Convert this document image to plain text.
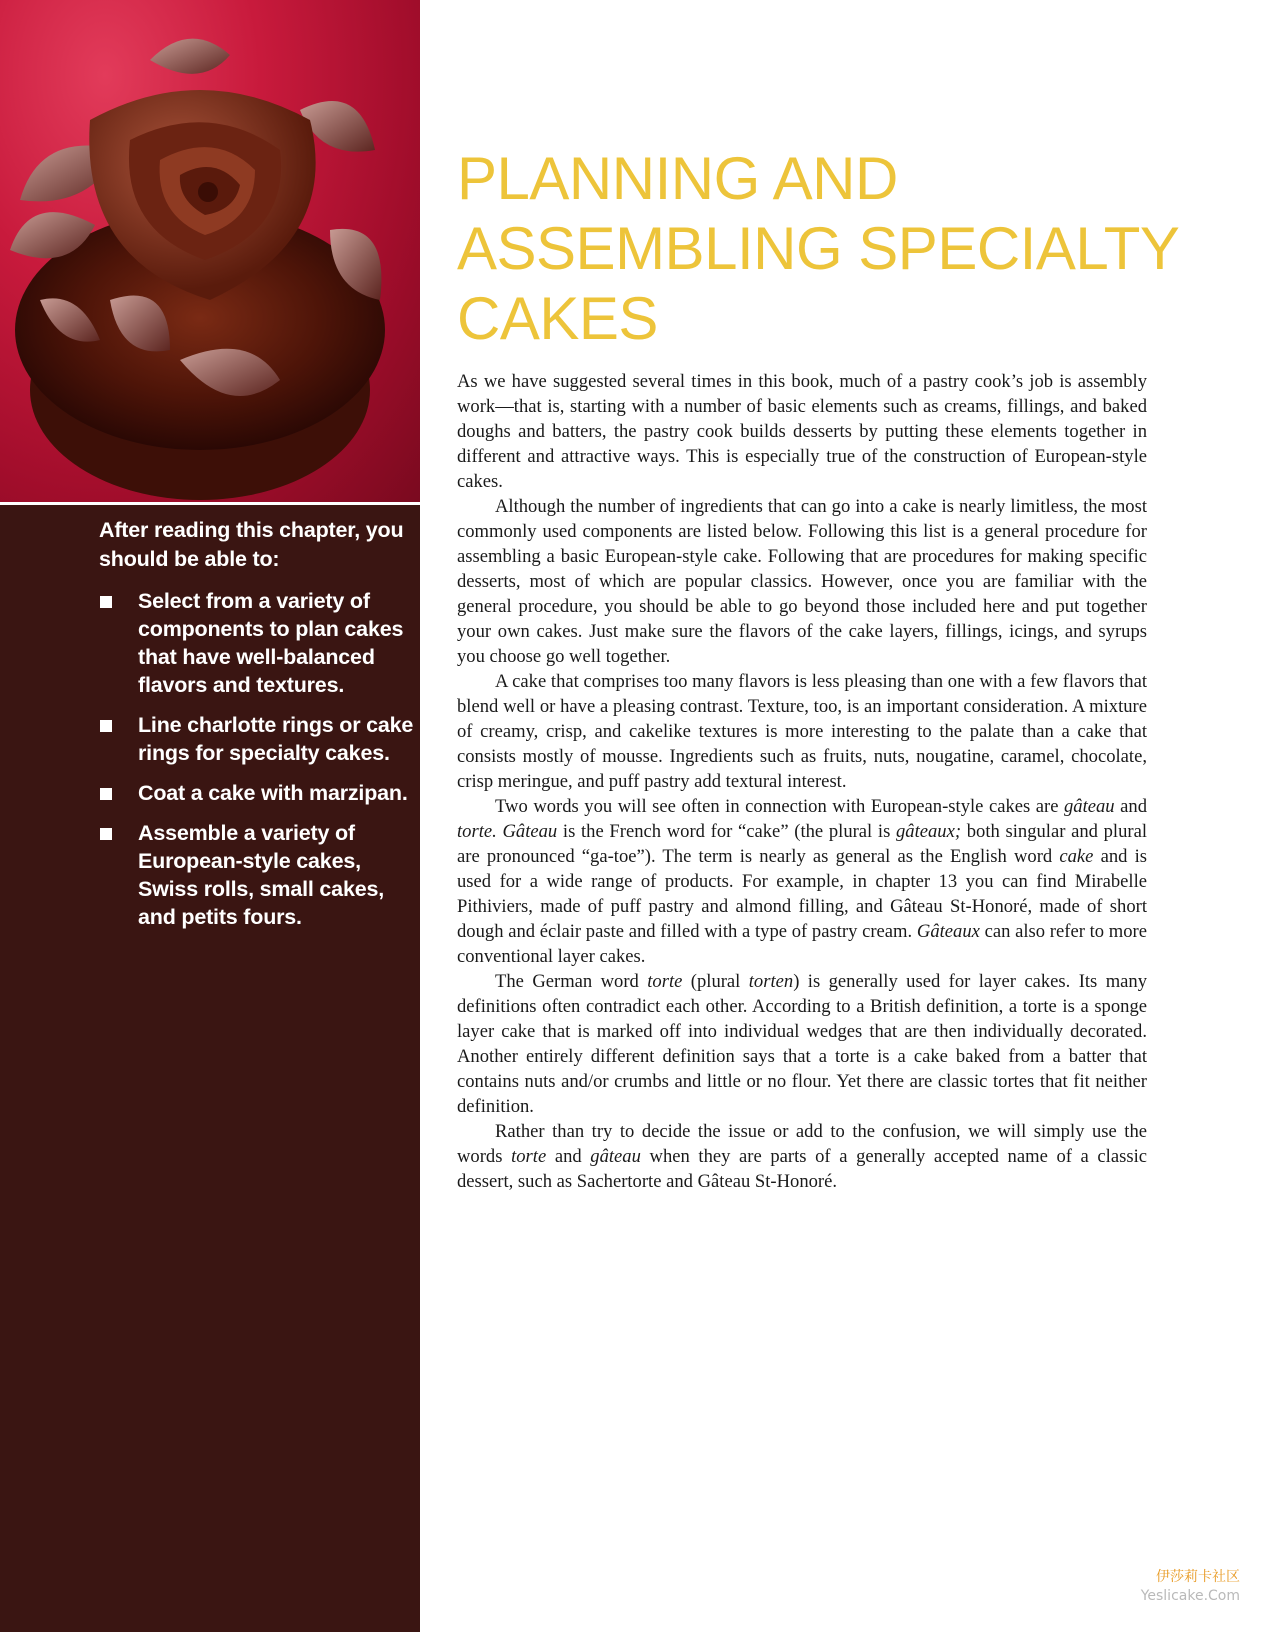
After reading this chapter, you should be able to:

Select from a variety of components to plan cakes that have well-balanced flavors and textures.
Line charlotte rings or cake rings for specialty cakes.
Coat a cake with marzipan.
Assemble a variety of European-style cakes, Swiss rolls, small cakes, and petits fours.
PLANNING AND
ASSEMBLING SPECIALTY
CAKES

As we have suggested several times in this book, much of a pastry cook’s job is assembly work—that is, starting with a number of basic elements such as creams, fillings, and baked doughs and batters, the pastry cook builds desserts by putting these elements together in different and attractive ways. This is especially true of the construction of European-style cakes.

Although the number of ingredients that can go into a cake is nearly limitless, the most commonly used components are listed below. Following this list is a general procedure for assembling a basic European-style cake. Following that are procedures for making specific desserts, most of which are popular classics. However, once you are familiar with the general procedure, you should be able to go beyond those included here and put together your own cakes. Just make sure the flavors of the cake layers, fillings, icings, and syrups you choose go well together.

A cake that comprises too many flavors is less pleasing than one with a few flavors that blend well or have a pleasing contrast. Texture, too, is an important consideration. A mixture of creamy, crisp, and cakelike textures is more interesting to the palate than a cake that consists mostly of mousse. Ingredients such as fruits, nuts, nougatine, caramel, chocolate, crisp meringue, and puff pastry add textural interest.

Two words you will see often in connection with European-style cakes are gâteau and torte. Gâteau is the French word for “cake” (the plural is gâteaux; both singular and plural are pronounced “ga-toe”). The term is nearly as general as the English word cake and is used for a wide range of products. For example, in chapter 13 you can find Mirabelle Pithiviers, made of puff pastry and almond filling, and Gâteau St-Honoré, made of short dough and éclair paste and filled with a type of pastry cream. Gâteaux can also refer to more conventional layer cakes.

The German word torte (plural torten) is generally used for layer cakes. Its many definitions often contradict each other. According to a British definition, a torte is a sponge layer cake that is marked off into individual wedges that are then individually decorated. Another entirely different definition says that a torte is a cake baked from a batter that contains nuts and/or crumbs and little or no flour. Yet there are classic tortes that fit neither definition.

Rather than try to decide the issue or add to the confusion, we will simply use the words torte and gâteau when they are parts of a generally accepted name of a classic dessert, such as Sachertorte and Gâteau St-Honoré.

伊莎莉卡社区
Yeslicake.Com
